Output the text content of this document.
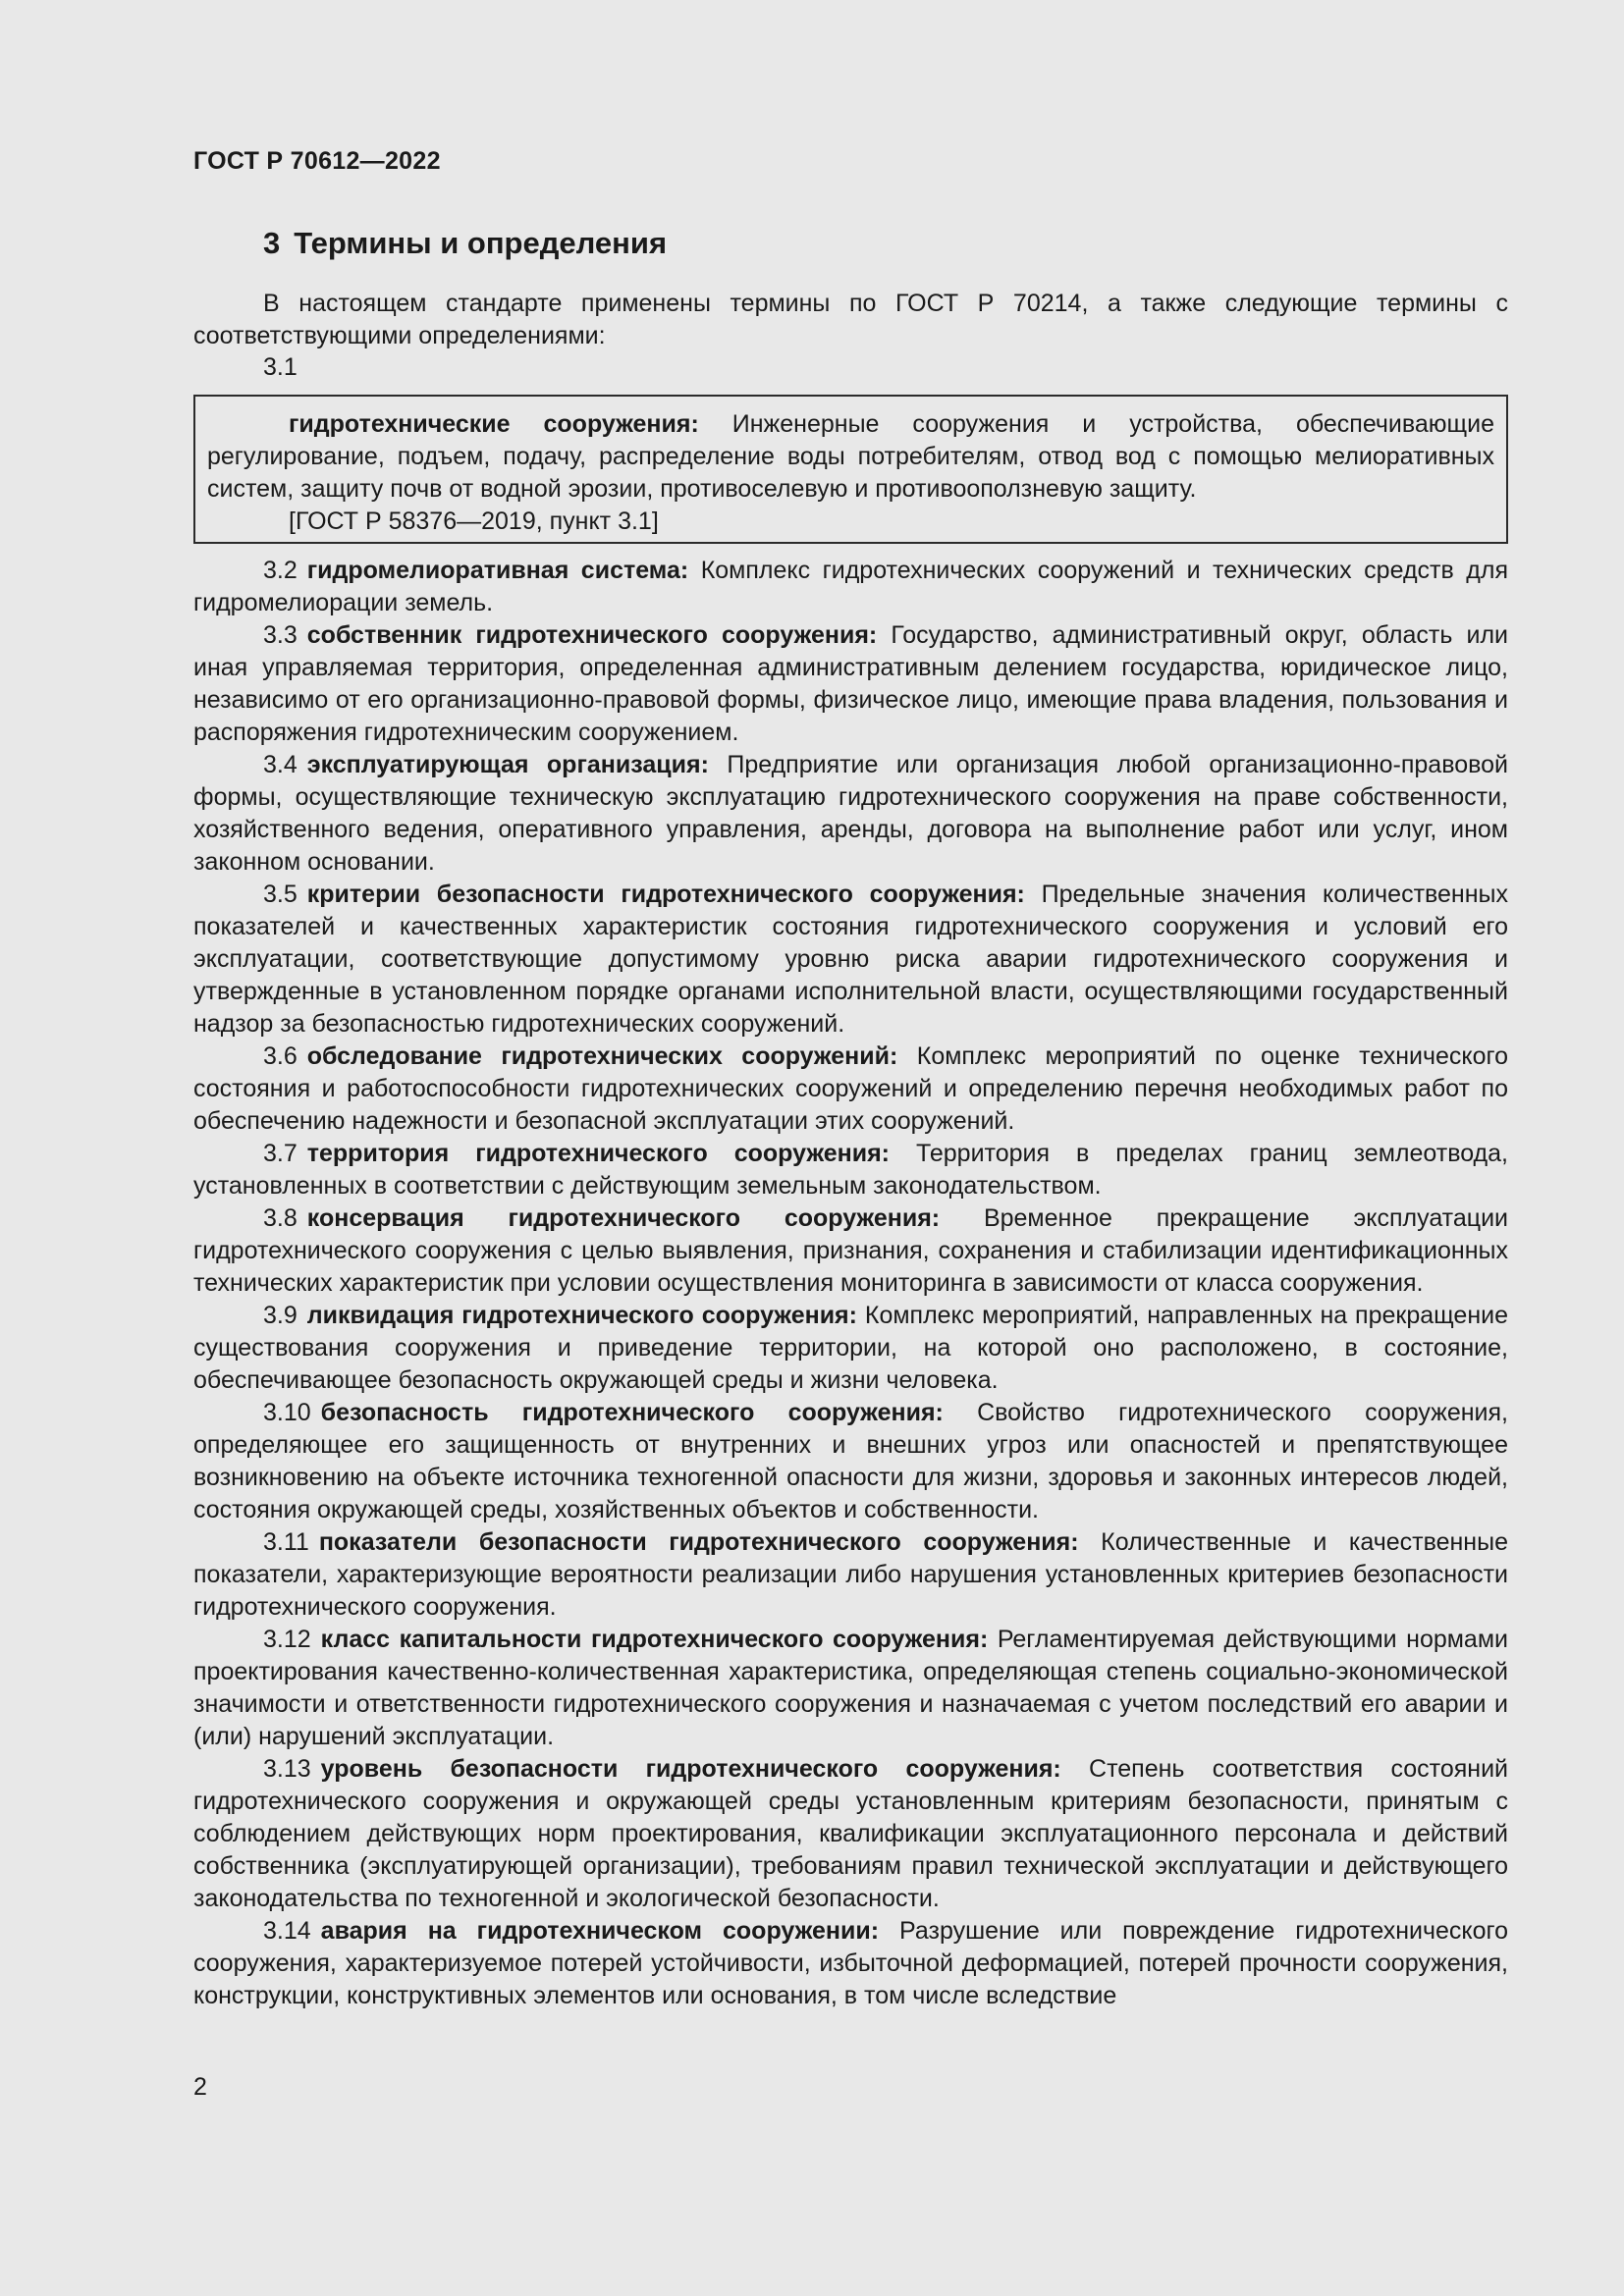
ГОСТ Р 70612—2022
3 Термины и определения
В настоящем стандарте применены термины по ГОСТ Р 70214, а также следующие термины с соответствующими определениями:
3.1
гидротехнические сооружения: Инженерные сооружения и устройства, обеспечивающие регулирование, подъем, подачу, распределение воды потребителям, отвод вод с помощью мелиоративных систем, защиту почв от водной эрозии, противоселевую и противооползневую защиту.
[ГОСТ Р 58376—2019, пункт 3.1]
3.2 гидромелиоративная система: Комплекс гидротехнических сооружений и технических средств для гидромелиорации земель.
3.3 собственник гидротехнического сооружения: Государство, административный округ, область или иная управляемая территория, определенная административным делением государства, юридическое лицо, независимо от его организационно-правовой формы, физическое лицо, имеющие права владения, пользования и распоряжения гидротехническим сооружением.
3.4 эксплуатирующая организация: Предприятие или организация любой организационно-правовой формы, осуществляющие техническую эксплуатацию гидротехнического сооружения на праве собственности, хозяйственного ведения, оперативного управления, аренды, договора на выполнение работ или услуг, ином законном основании.
3.5 критерии безопасности гидротехнического сооружения: Предельные значения количественных показателей и качественных характеристик состояния гидротехнического сооружения и условий его эксплуатации, соответствующие допустимому уровню риска аварии гидротехнического сооружения и утвержденные в установленном порядке органами исполнительной власти, осуществляющими государственный надзор за безопасностью гидротехнических сооружений.
3.6 обследование гидротехнических сооружений: Комплекс мероприятий по оценке технического состояния и работоспособности гидротехнических сооружений и определению перечня необходимых работ по обеспечению надежности и безопасной эксплуатации этих сооружений.
3.7 территория гидротехнического сооружения: Территория в пределах границ землеотвода, установленных в соответствии с действующим земельным законодательством.
3.8 консервация гидротехнического сооружения: Временное прекращение эксплуатации гидротехнического сооружения с целью выявления, признания, сохранения и стабилизации идентификационных технических характеристик при условии осуществления мониторинга в зависимости от класса сооружения.
3.9 ликвидация гидротехнического сооружения: Комплекс мероприятий, направленных на прекращение существования сооружения и приведение территории, на которой оно расположено, в состояние, обеспечивающее безопасность окружающей среды и жизни человека.
3.10 безопасность гидротехнического сооружения: Свойство гидротехнического сооружения, определяющее его защищенность от внутренних и внешних угроз или опасностей и препятствующее возникновению на объекте источника техногенной опасности для жизни, здоровья и законных интересов людей, состояния окружающей среды, хозяйственных объектов и собственности.
3.11 показатели безопасности гидротехнического сооружения: Количественные и качественные показатели, характеризующие вероятности реализации либо нарушения установленных критериев безопасности гидротехнического сооружения.
3.12 класс капитальности гидротехнического сооружения: Регламентируемая действующими нормами проектирования качественно-количественная характеристика, определяющая степень социально-экономической значимости и ответственности гидротехнического сооружения и назначаемая с учетом последствий его аварии и (или) нарушений эксплуатации.
3.13 уровень безопасности гидротехнического сооружения: Степень соответствия состояний гидротехнического сооружения и окружающей среды установленным критериям безопасности, принятым с соблюдением действующих норм проектирования, квалификации эксплуатационного персонала и действий собственника (эксплуатирующей организации), требованиям правил технической эксплуатации и действующего законодательства по техногенной и экологической безопасности.
3.14 авария на гидротехническом сооружении: Разрушение или повреждение гидротехнического сооружения, характеризуемое потерей устойчивости, избыточной деформацией, потерей прочности сооружения, конструкции, конструктивных элементов или основания, в том числе вследствие
2
